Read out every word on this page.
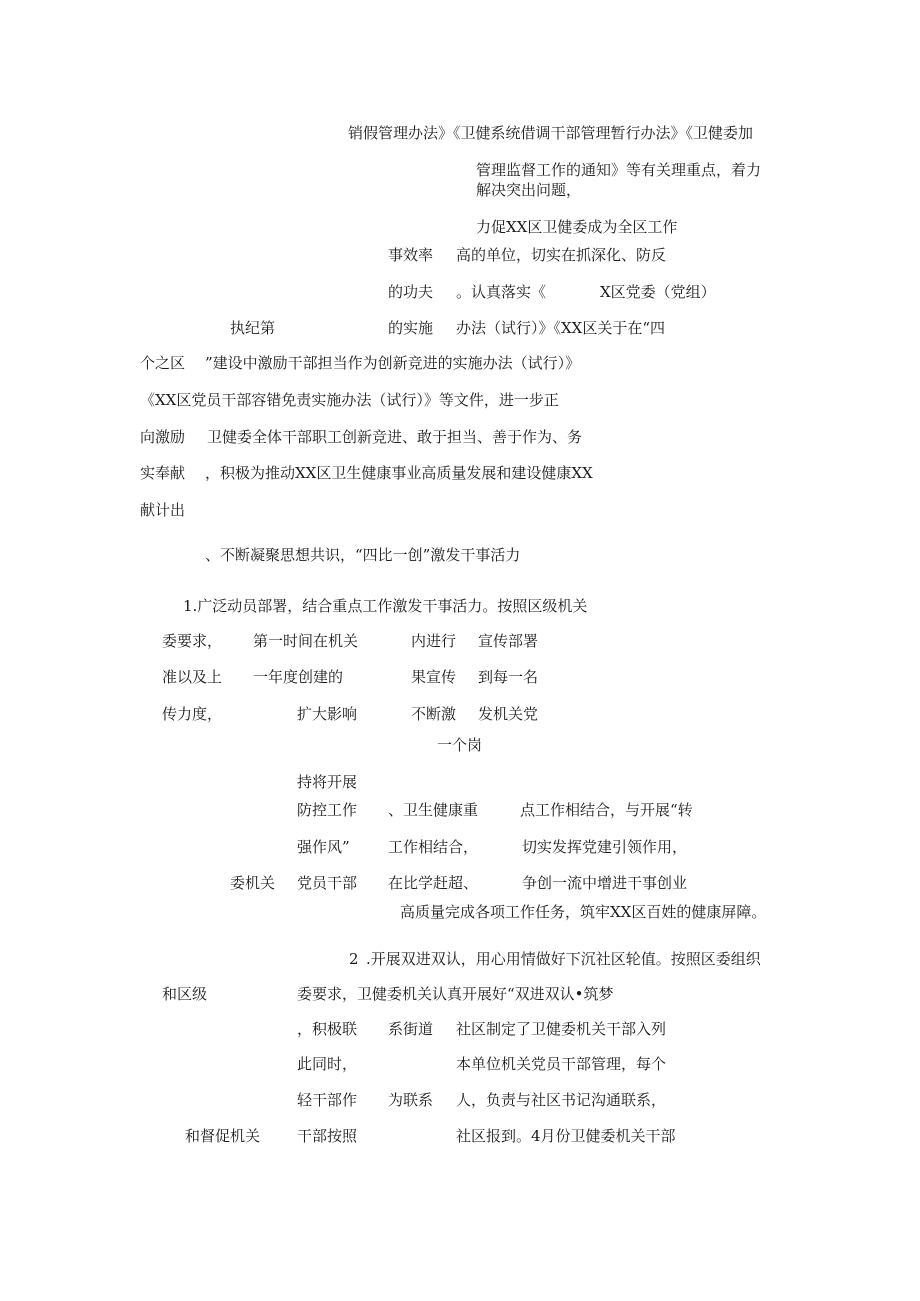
销假管理办法》《卫健系统借调干部管理暂行办法》《卫健委加
管理监督工作的通知》等有关理重点，着力
解决突出问题，
力促XX区卫健委成为全区工作
事效率 高的单位，切实在抓深化、防反
的功夫 。认真落实《	X区党委（党组）
执纪第	的实施 办法（试行）》《XX区关于在“四
个之区 ”建设中激励干部担当作为创新竞进的实施办法（试行）》
《XX区党员干部容错免责实施办法（试行）》等文件，进一步正
向激励 卫健委全体干部职工创新竞进、敢于担当、善于作为、务
实奉献 ，积极为推动XX区卫生健康事业高质量发展和建设健康XX
献计出
、不断凝聚思想共识，“四比一创”激发干事活力
1.广泛动员部署，结合重点工作激发干事活力。按照区级机关
委要求， 第一时间在机关	内进行 宣传部署
准以及上 一年度创建的	果宣传 到每一名
传力度，	扩大影响	不断激 发机关党
一个岗
持将开展
防控工作 、卫生健康重	点工作相结合，与开展“转
强作风”	工作相结合，	切实发挥党建引领作用，
委机关 党员干部 在比学赶超、	争创一流中增进干事创业
高质量完成各项工作任务，筑牢XX区百姓的健康屏障。
2 .开展双进双认，用心用情做好下沉社区轮值。按照区委组织
和区级	委要求，卫健委机关认真开展好“双进双认•筑梦
，积极联 系街道 社区制定了卫健委机关干部入列
此同时，	本单位机关党员干部管理，每个
轻干部作 为联系 人，负责与社区书记沟通联系，
和督促机关 干部按照	社区报到。4月份卫健委机关干部
